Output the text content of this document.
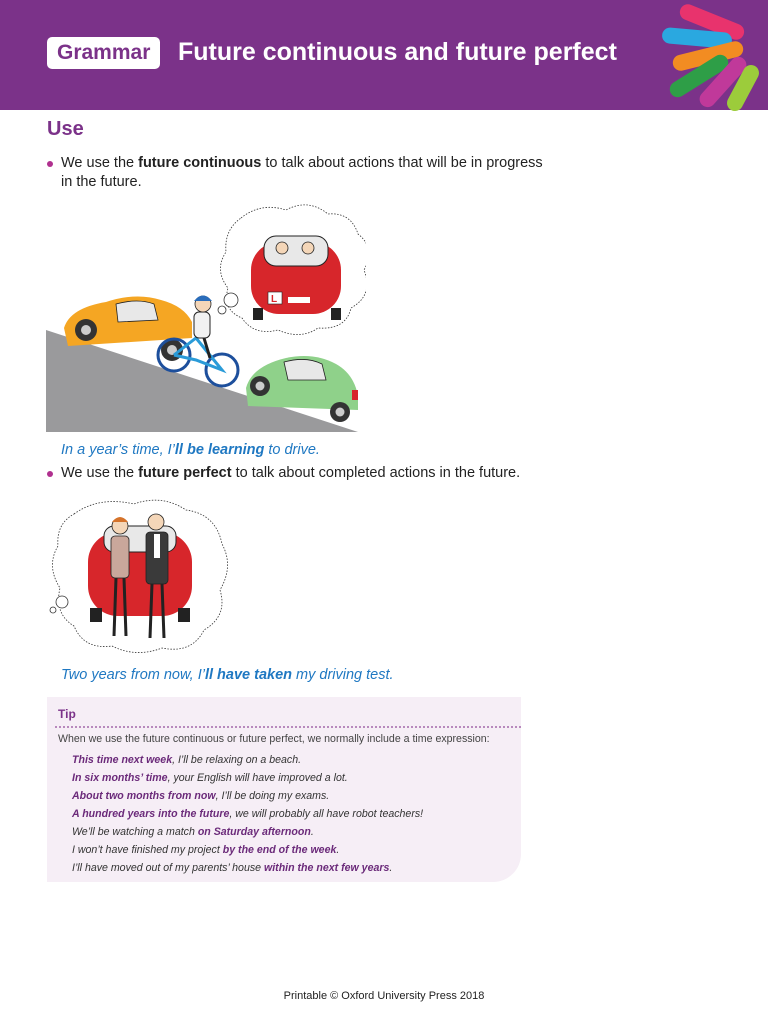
Grammar	Future continuous and future perfect
Use
We use the future continuous to talk about actions that will be in progress in the future.
L
In a year’s time, I’ll be learning to drive.
We use the future perfect to talk about completed actions in the future.
Two years from now, I’ll have taken my driving test.
Tip
When we use the future continuous or future perfect, we normally include a time expression:
This time next week, I’ll be relaxing on a beach.
In six months’ time, your English will have improved a lot.
About two months from now, I’ll be doing my exams.
A hundred years into the future, we will probably all have robot teachers!
We’ll be watching a match on Saturday afternoon.
I won’t have finished my project by the end of the week.
I’ll have moved out of my parents’ house within the next few years.
Printable © Oxford University Press 2018
